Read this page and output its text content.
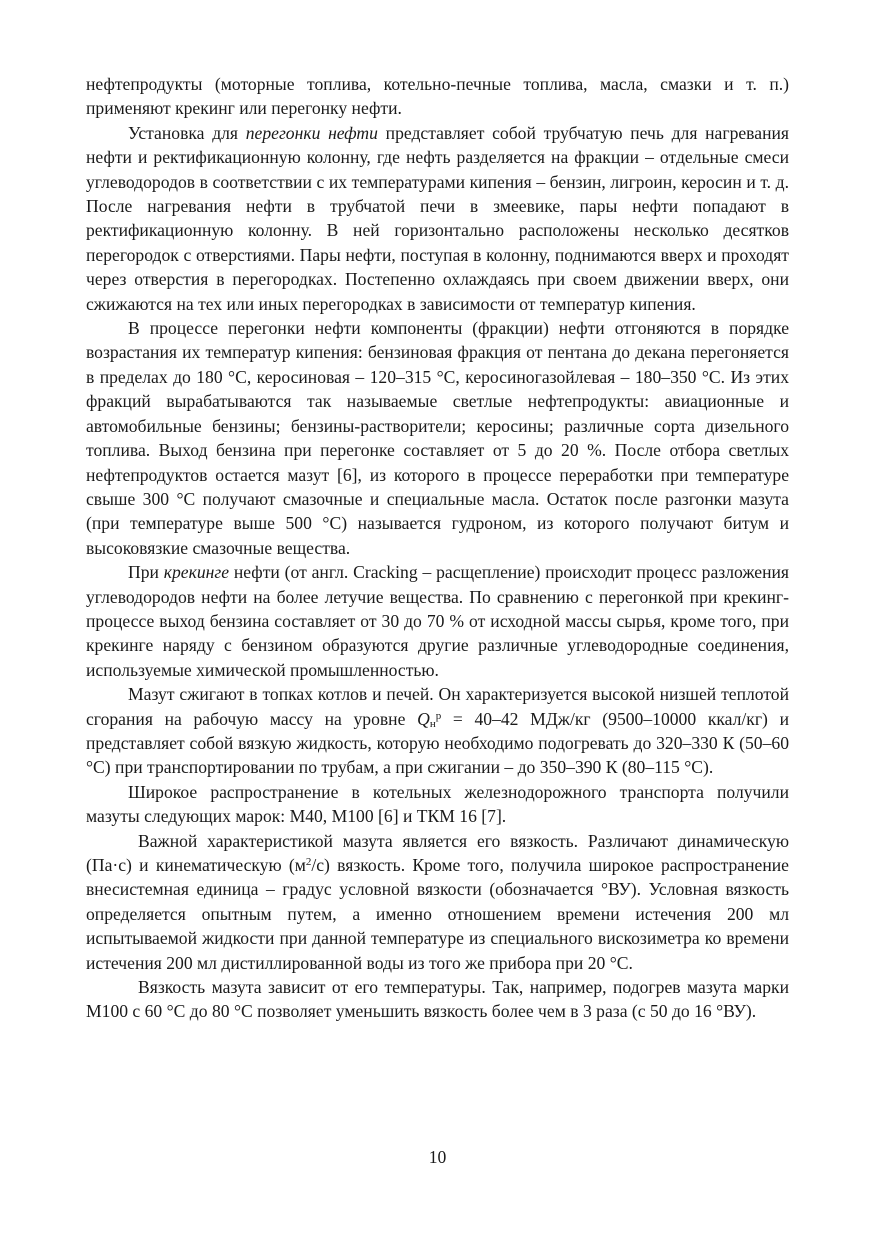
нефтепродукты (моторные топлива, котельно-печные топлива, масла, смазки и т. п.) применяют крекинг или перегонку нефти.

Установка для перегонки нефти представляет собой трубчатую печь для нагревания нефти и ректификационную колонну, где нефть разделяется на фракции – отдельные смеси углеводородов в соответствии с их температурами кипения – бензин, лигроин, керосин и т. д. После нагревания нефти в трубчатой печи в змеевике, пары нефти попадают в ректификационную колонну. В ней горизонтально расположены несколько десятков перегородок с отверстиями. Пары нефти, поступая в колонну, поднимаются вверх и проходят через отверстия в перегородках. Постепенно охлаждаясь при своем движении вверх, они сжижаются на тех или иных перегородках в зависимости от температур кипения.

В процессе перегонки нефти компоненты (фракции) нефти отгоняются в порядке возрастания их температур кипения: бензиновая фракция от пентана до декана перегоняется в пределах до 180 °С, керосиновая – 120–315 °С, керосиногазойлевая – 180–350 °С. Из этих фракций вырабатываются так называемые светлые нефтепродукты: авиационные и автомобильные бензины; бензины-растворители; керосины; различные сорта дизельного топлива. Выход бензина при перегонке составляет от 5 до 20 %. После отбора светлых нефтепродуктов остается мазут [6], из которого в процессе переработки при температуре свыше 300 °С получают смазочные и специальные масла. Остаток после разгонки мазута (при температуре выше 500 °С) называется гудроном, из которого получают битум и высоковязкие смазочные вещества.

При крекинге нефти (от англ. Cracking – расщепление) происходит процесс разложения углеводородов нефти на более летучие вещества. По сравнению с перегонкой при крекинг-процессе выход бензина составляет от 30 до 70 % от исходной массы сырья, кроме того, при крекинге наряду с бензином образуются другие различные углеводородные соединения, используемые химической промышленностью.

Мазут сжигают в топках котлов и печей. Он характеризуется высокой низшей теплотой сгорания на рабочую массу на уровне $Q_н^р = 40-42$ МДж/кг (9500–10000 ккал/кг) и представляет собой вязкую жидкость, которую необходимо подогревать до 320–330 К (50–60 °С) при транспортировании по трубам, а при сжигании – до 350–390 К (80–115 °С).

Широкое распространение в котельных железнодорожного транспорта получили мазуты следующих марок: М40, М100 [6] и ТКМ 16 [7].

Важной характеристикой мазута является его вязкость. Различают динамическую (Па·с) и кинематическую $(м^2/с)$ вязкость. Кроме того, получила широкое распространение внесистемная единица – градус условной вязкости (обозначается °ВУ). Условная вязкость определяется опытным путем, а именно отношением времени истечения 200 мл испытываемой жидкости при данной температуре из специального вискозиметра ко времени истечения 200 мл дистиллированной воды из того же прибора при 20 °С.

Вязкость мазута зависит от его температуры. Так, например, подогрев мазута марки М100 с 60 °С до 80 °С позволяет уменьшить вязкость более чем в 3 раза (с 50 до 16 °ВУ).

10
